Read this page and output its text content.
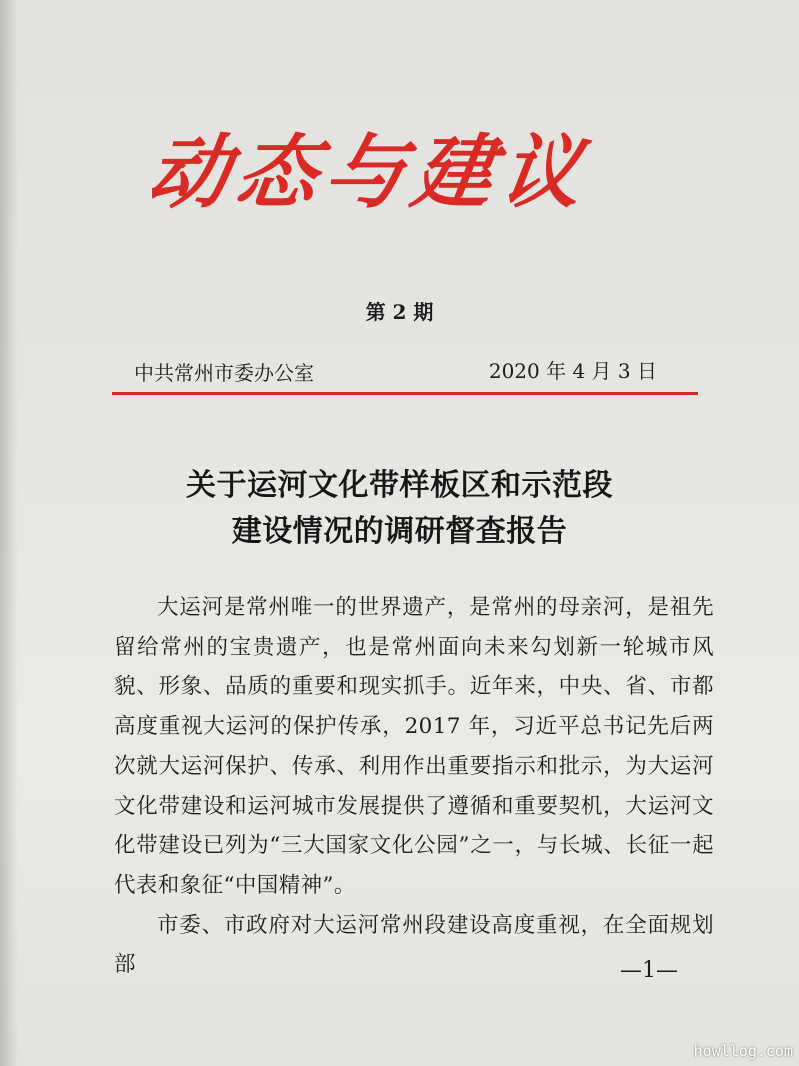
动态与建议
第 2 期
中共常州市委办公室	2020 年 4 月 3 日
关于运河文化带样板区和示范段
建设情况的调研督查报告

大运河是常州唯一的世界遗产，是常州的母亲河，是祖先留给常州的宝贵遗产，也是常州面向未来勾划新一轮城市风貌、形象、品质的重要和现实抓手。近年来，中央、省、市都高度重视大运河的保护传承，2017 年，习近平总书记先后两次就大运河保护、传承、利用作出重要指示和批示，为大运河文化带建设和运河城市发展提供了遵循和重要契机，大运河文化带建设已列为“三大国家文化公园”之一，与长城、长征一起代表和象征“中国精神”。

市委、市政府对大运河常州段建设高度重视，在全面规划部	—1—
howllog.com
